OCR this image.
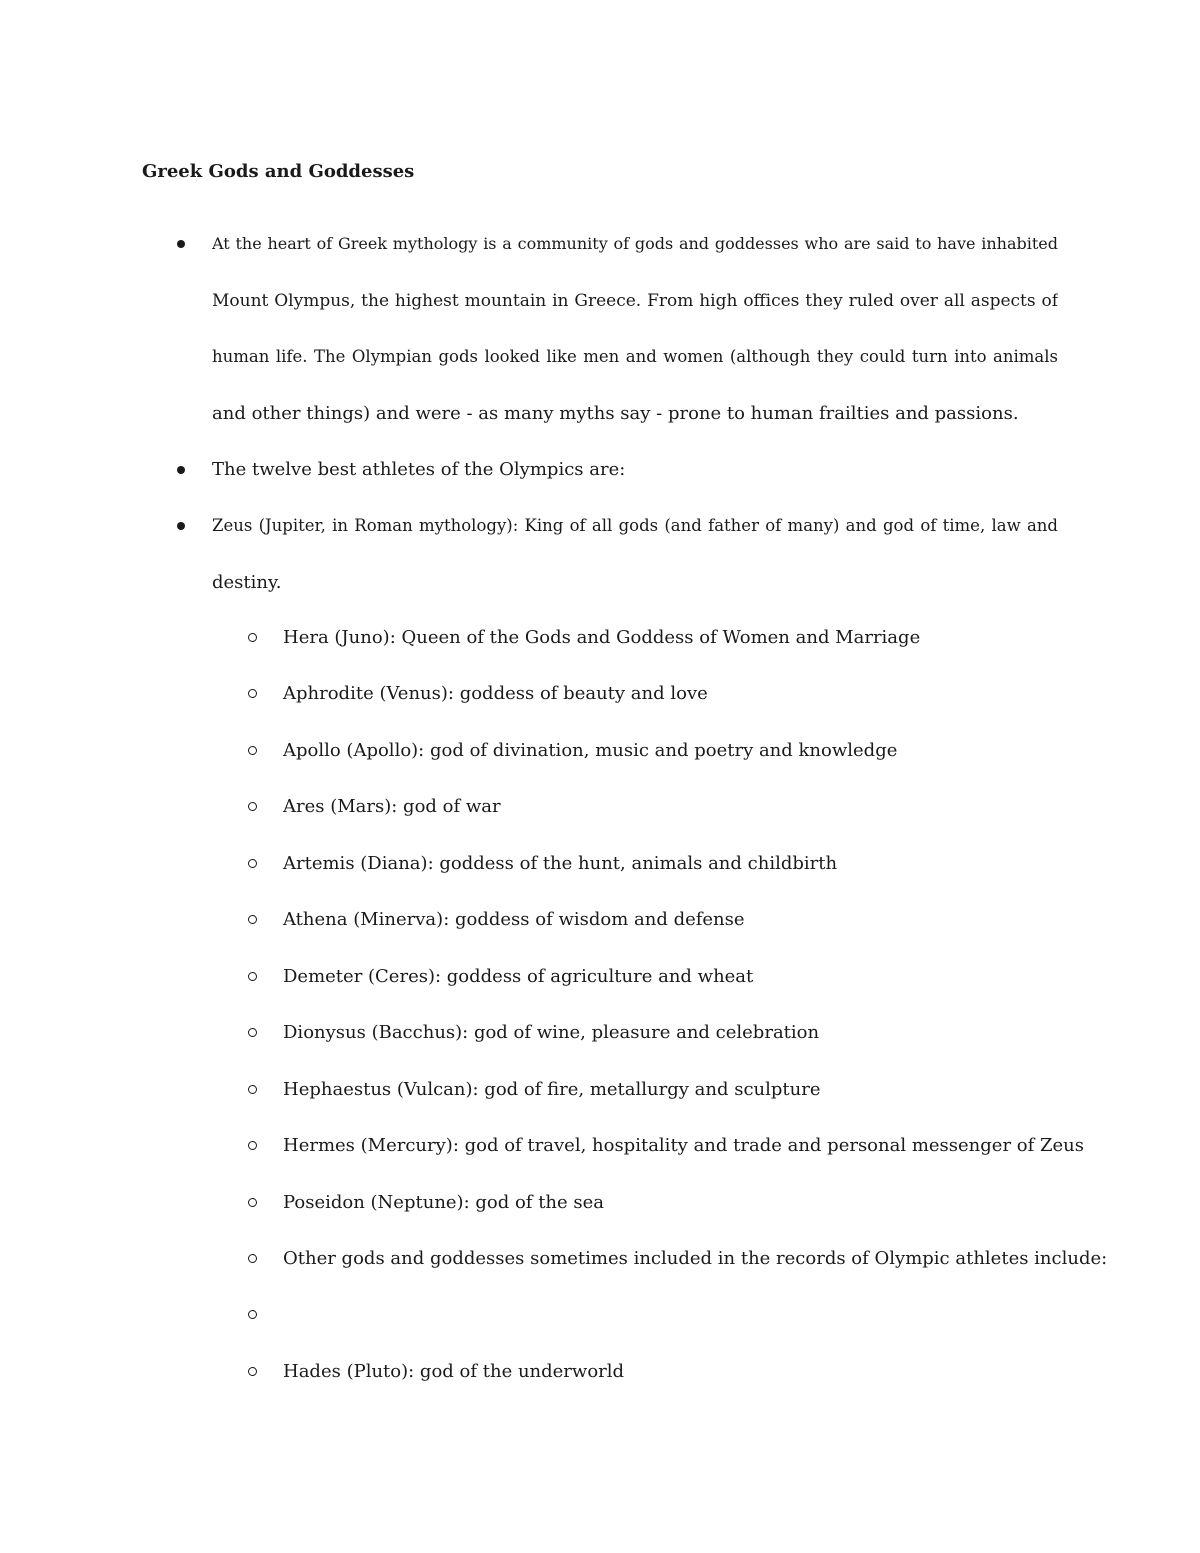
Greek Gods and Goddesses
At the heart of Greek mythology is a community of gods and goddesses who are said to have inhabited
Mount Olympus, the highest mountain in Greece. From high offices they ruled over all aspects of
human life. The Olympian gods looked like men and women (although they could turn into animals
and other things) and were - as many myths say - prone to human frailties and passions.
The twelve best athletes of the Olympics are:
Zeus (Jupiter, in Roman mythology): King of all gods (and father of many) and god of time, law and
destiny.
Hera (Juno): Queen of the Gods and Goddess of Women and Marriage
Aphrodite (Venus): goddess of beauty and love
Apollo (Apollo): god of divination, music and poetry and knowledge
Ares (Mars): god of war
Artemis (Diana): goddess of the hunt, animals and childbirth
Athena (Minerva): goddess of wisdom and defense
Demeter (Ceres): goddess of agriculture and wheat
Dionysus (Bacchus): god of wine, pleasure and celebration
Hephaestus (Vulcan): god of fire, metallurgy and sculpture
Hermes (Mercury): god of travel, hospitality and trade and personal messenger of Zeus
Poseidon (Neptune): god of the sea
Other gods and goddesses sometimes included in the records of Olympic athletes include:
Hades (Pluto): god of the underworld
